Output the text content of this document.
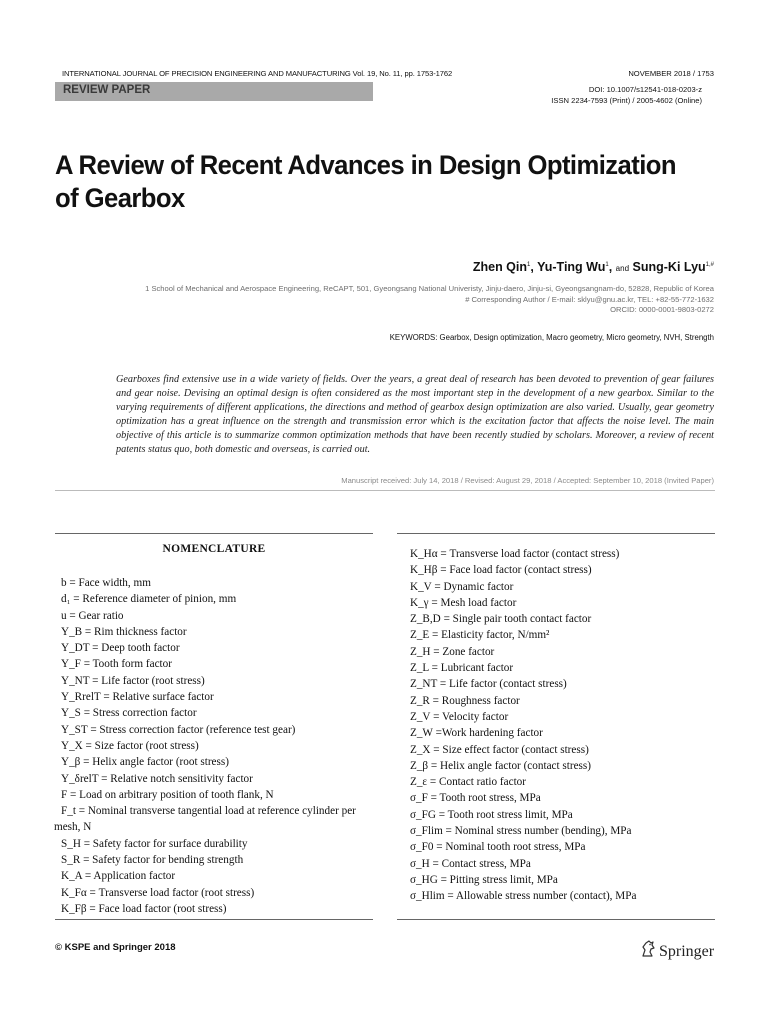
INTERNATIONAL JOURNAL OF PRECISION ENGINEERING AND MANUFACTURING Vol. 19, No. 11, pp. 1753-1762	NOVEMBER 2018 / 1753
REVIEW PAPER	DOI: 10.1007/s12541-018-0203-z
ISSN 2234-7593 (Print) / 2005-4602 (Online)
A Review of Recent Advances in Design Optimization of Gearbox
Zhen Qin$^1$, Yu-Ting Wu$^1$, and Sung-Ki Lyu$^{1,\#}$
1 School of Mechanical and Aerospace Engineering, ReCAPT, 501, Gyeongsang National Univeristy, Jinju-daero, Jinju-si, Gyeongsangnam-do, 52828, Republic of Korea
# Corresponding Author / E-mail: sklyu@gnu.ac.kr, TEL: +82-55-772-1632
ORCID: 0000-0001-9803-0272
KEYWORDS: Gearbox, Design optimization, Macro geometry, Micro geometry, NVH, Strength
Gearboxes find extensive use in a wide variety of fields. Over the years, a great deal of research has been devoted to prevention of gear failures and gear noise. Devising an optimal design is often considered as the most important step in the development of a new gearbox. Similar to the varying requirements of different applications, the directions and method of gearbox design optimization are also varied. Usually, gear geometry optimization has a great influence on the strength and transmission error which is the excitation factor that affects the noise level. The main objective of this article is to summarize common optimization methods that have been recently studied by scholars. Moreover, a review of recent patents status quo, both domestic and overseas, is carried out.
Manuscript received: July 14, 2018 / Revised: August 29, 2018 / Accepted: September 10, 2018 (Invited Paper)
NOMENCLATURE
b = Face width, mm
d₁ = Reference diameter of pinion, mm
u = Gear ratio
Y_B = Rim thickness factor
Y_DT = Deep tooth factor
Y_F = Tooth form factor
Y_NT = Life factor (root stress)
Y_RrelT = Relative surface factor
Y_S = Stress correction factor
Y_ST = Stress correction factor (reference test gear)
Y_X = Size factor (root stress)
Y_β = Helix angle factor (root stress)
Y_δrelT = Relative notch sensitivity factor
F = Load on arbitrary position of tooth flank, N
F_t = Nominal transverse tangential load at reference cylinder per mesh, N
S_H = Safety factor for surface durability
S_R = Safety factor for bending strength
K_A = Application factor
K_Fα = Transverse load factor (root stress)
K_Fβ = Face load factor (root stress)
K_Hα = Transverse load factor (contact stress)
K_Hβ = Face load factor (contact stress)
K_V = Dynamic factor
K_γ = Mesh load factor
Z_B,D = Single pair tooth contact factor
Z_E = Elasticity factor, N/mm²
Z_H = Zone factor
Z_L = Lubricant factor
Z_NT = Life factor (contact stress)
Z_R = Roughness factor
Z_V = Velocity factor
Z_W =Work hardening factor
Z_X = Size effect factor (contact stress)
Z_β = Helix angle factor (contact stress)
Z_ε = Contact ratio factor
σ_F = Tooth root stress, MPa
σ_FG = Tooth root stress limit, MPa
σ_Flim = Nominal stress number (bending), MPa
σ_F0 = Nominal tooth root stress, MPa
σ_H = Contact stress, MPa
σ_HG = Pitting stress limit, MPa
σ_Hlim = Allowable stress number (contact), MPa
© KSPE and Springer 2018	Springer
